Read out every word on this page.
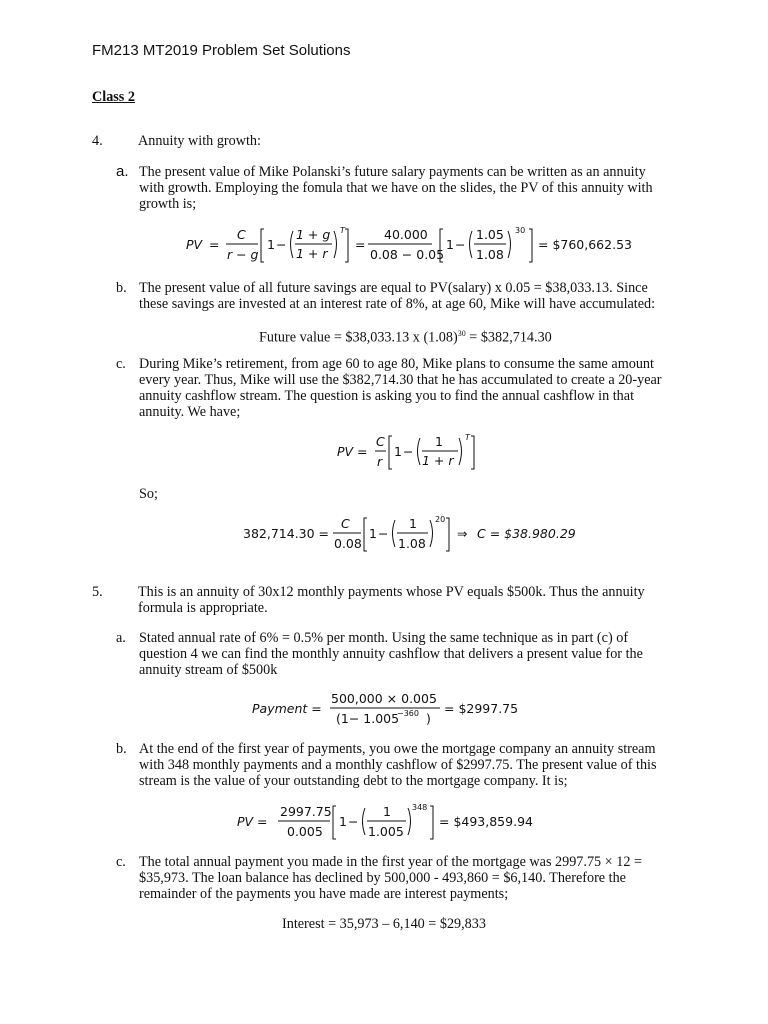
FM213 MT2019 Problem Set Solutions
Class 2
4. Annuity with growth:
a. The present value of Mike Polanski’s future salary payments can be written as an annuity
with growth. Employing the fomula that we have on the slides, the PV of this annuity with
growth is;
PV =
C
r − g
1 −
1 + g
1 + r
T
=
40.000
0.08 − 0.05
1 −
1.05
1.08
30
= $760,662.53
b. The present value of all future savings are equal to PV(salary) x 0.05 = $38,033.13. Since
these savings are invested at an interest rate of 8%, at age 60, Mike will have accumulated:
Future value = $38,033.13 x $(1.08)^{30}$ = $382,714.30
c. During Mike’s retirement, from age 60 to age 80, Mike plans to consume the same amount
every year. Thus, Mike will use the $382,714.30 that he has accumulated to create a 20-year
annuity cashflow stream. The question is asking you to find the annual cashflow in that
annuity. We have;
PV =
C
r
1 −
1
1 + r
T
So;
382,714.30 =
C
0.08
1 −
1
1.08
20
⇒ C = $38.980.29
5. This is an annuity of 30x12 monthly payments whose PV equals $500k. Thus the annuity
formula is appropriate.
a. Stated annual rate of 6% = 0.5% per month. Using the same technique as in part (c) of
question 4 we can find the monthly annuity cashflow that delivers a present value for the
annuity stream of $500k
Payment =
500,000 × 0.005
(1− 1.005
−360 )
= $2997.75
b. At the end of the first year of payments, you owe the mortgage company an annuity stream
with 348 monthly payments and a monthly cashflow of $2997.75. The present value of this
stream is the value of your outstanding debt to the mortgage company. It is;
PV =
2997.75
0.005
1 −
1
1.005
348
= $493,859.94
c. The total annual payment you made in the first year of the mortgage was 2997.75 × 12 =
$35,973. The loan balance has declined by 500,000 - 493,860 = $6,140. Therefore the
remainder of the payments you have made are interest payments;
Interest = 35,973 – 6,140 = $29,833
